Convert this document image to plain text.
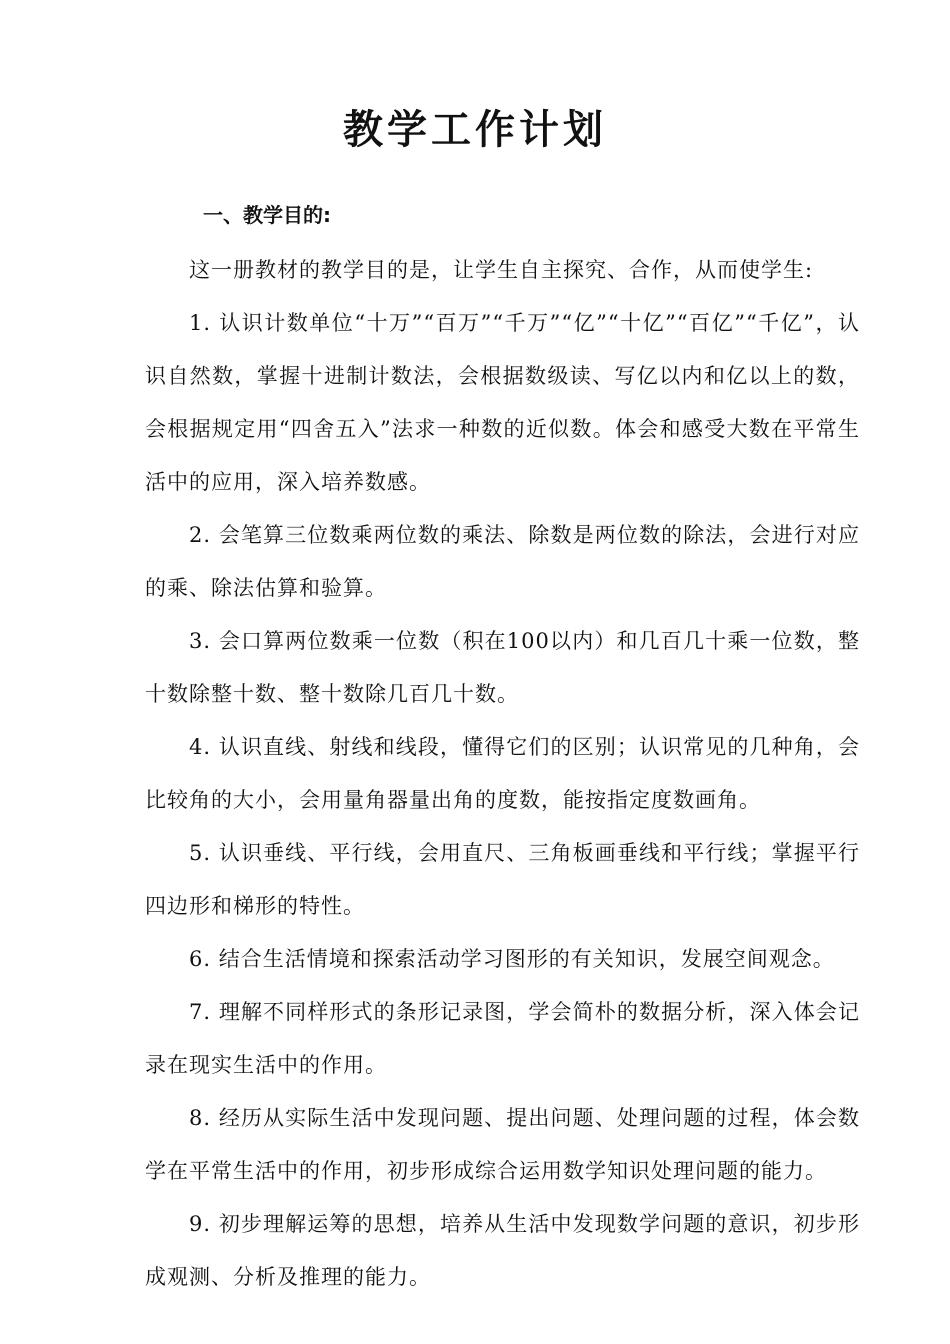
教学工作计划
一、教学目的:

这一册教材的教学目的是，让学生自主探究、合作，从而使学生:

1. 认识计数单位“十万”“百万”“千万”“亿”“十亿”“百亿”“千亿”，认识自然数，掌握十进制计数法，会根据数级读、写亿以内和亿以上的数，会根据规定用“四舍五入”法求一种数的近似数。体会和感受大数在平常生活中的应用，深入培养数感。

2. 会笔算三位数乘两位数的乘法、除数是两位数的除法，会进行对应的乘、除法估算和验算。

3. 会口算两位数乘一位数（积在100以内）和几百几十乘一位数，整十数除整十数、整十数除几百几十数。

4. 认识直线、射线和线段，懂得它们的区别；认识常见的几种角，会比较角的大小，会用量角器量出角的度数，能按指定度数画角。

5. 认识垂线、平行线，会用直尺、三角板画垂线和平行线；掌握平行四边形和梯形的特性。

6. 结合生活情境和探索活动学习图形的有关知识，发展空间观念。

7. 理解不同样形式的条形记录图，学会简朴的数据分析，深入体会记录在现实生活中的作用。

8. 经历从实际生活中发现问题、提出问题、处理问题的过程，体会数学在平常生活中的作用，初步形成综合运用数学知识处理问题的能力。

9. 初步理解运筹的思想，培养从生活中发现数学问题的意识，初步形成观测、分析及推理的能力。
